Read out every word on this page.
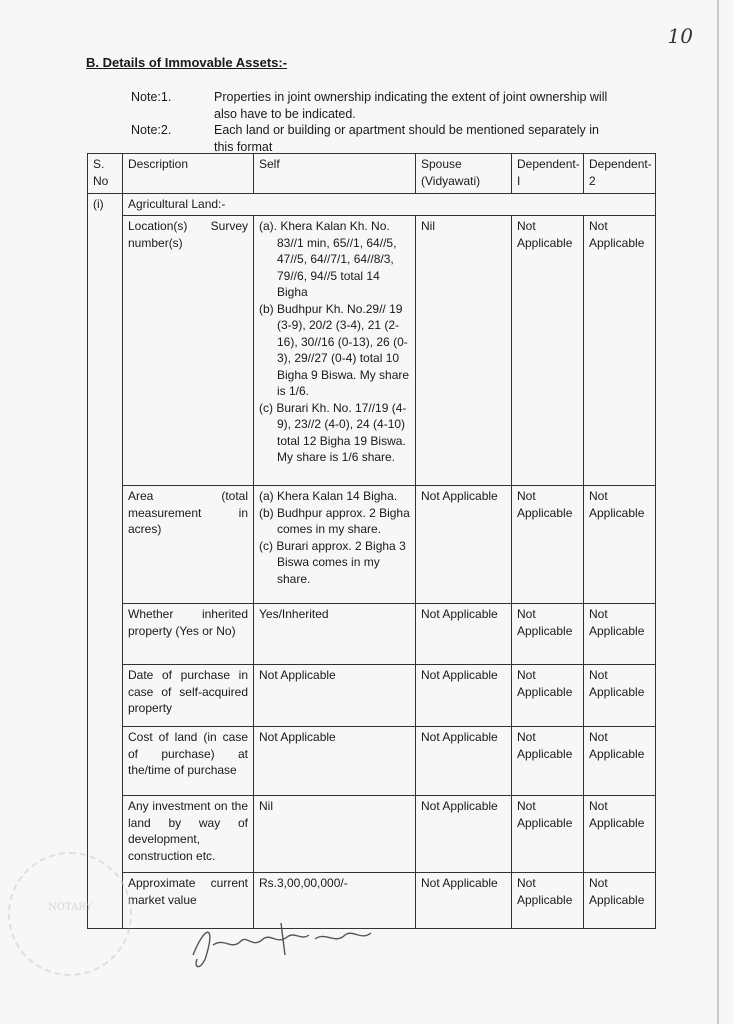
10
B. Details of Immovable Assets:-
Note:1.	Properties in joint ownership indicating the extent of joint ownership will also have to be indicated.
Note:2.	Each land or building or apartment should be mentioned separately in this format
S. No	Description	Self	Spouse (Vidyawati)	Dependent-I	Dependent-2
(i)	Agricultural Land:-				
	Location(s) Survey number(s)	(a). Khera Kalan Kh. No. 83//1 min, 65//1, 64//5, 47//5, 64//7/1, 64//8/3, 79//6, 94//5 total 14 Bigha
(b) Budhpur Kh. No.29// 19 (3-9), 20/2 (3-4), 21 (2- 16), 30//16 (0-13), 26 (0-3), 29//27 (0-4) total 10 Bigha 9 Biswa. My share is 1/6.
(c) Burari Kh. No. 17//19 (4-9), 23//2 (4-0), 24 (4-10) total 12 Bigha 19 Biswa. My share is 1/6 share.	Nil	Not Applicable	Not Applicable
	Area (total measurement in acres)	(a) Khera Kalan 14 Bigha.
(b) Budhpur approx. 2 Bigha comes in my share.
(c) Burari approx. 2 Bigha 3 Biswa comes in my share.	Not Applicable	Not Applicable	Not Applicable
	Whether inherited property (Yes or No)	Yes/Inherited	Not Applicable	Not Applicable	Not Applicable
	Date of purchase in case of self-acquired property	Not Applicable	Not Applicable	Not Applicable	Not Applicable
	Cost of land (in case of purchase) at the/time of purchase	Not Applicable	Not Applicable	Not Applicable	Not Applicable
	Any investment on the land by way of development, construction etc.	Nil	Not Applicable	Not Applicable	Not Applicable
	Approximate current market value	Rs.3,00,00,000/-	Not Applicable	Not Applicable	Not Applicable
NOTARY
